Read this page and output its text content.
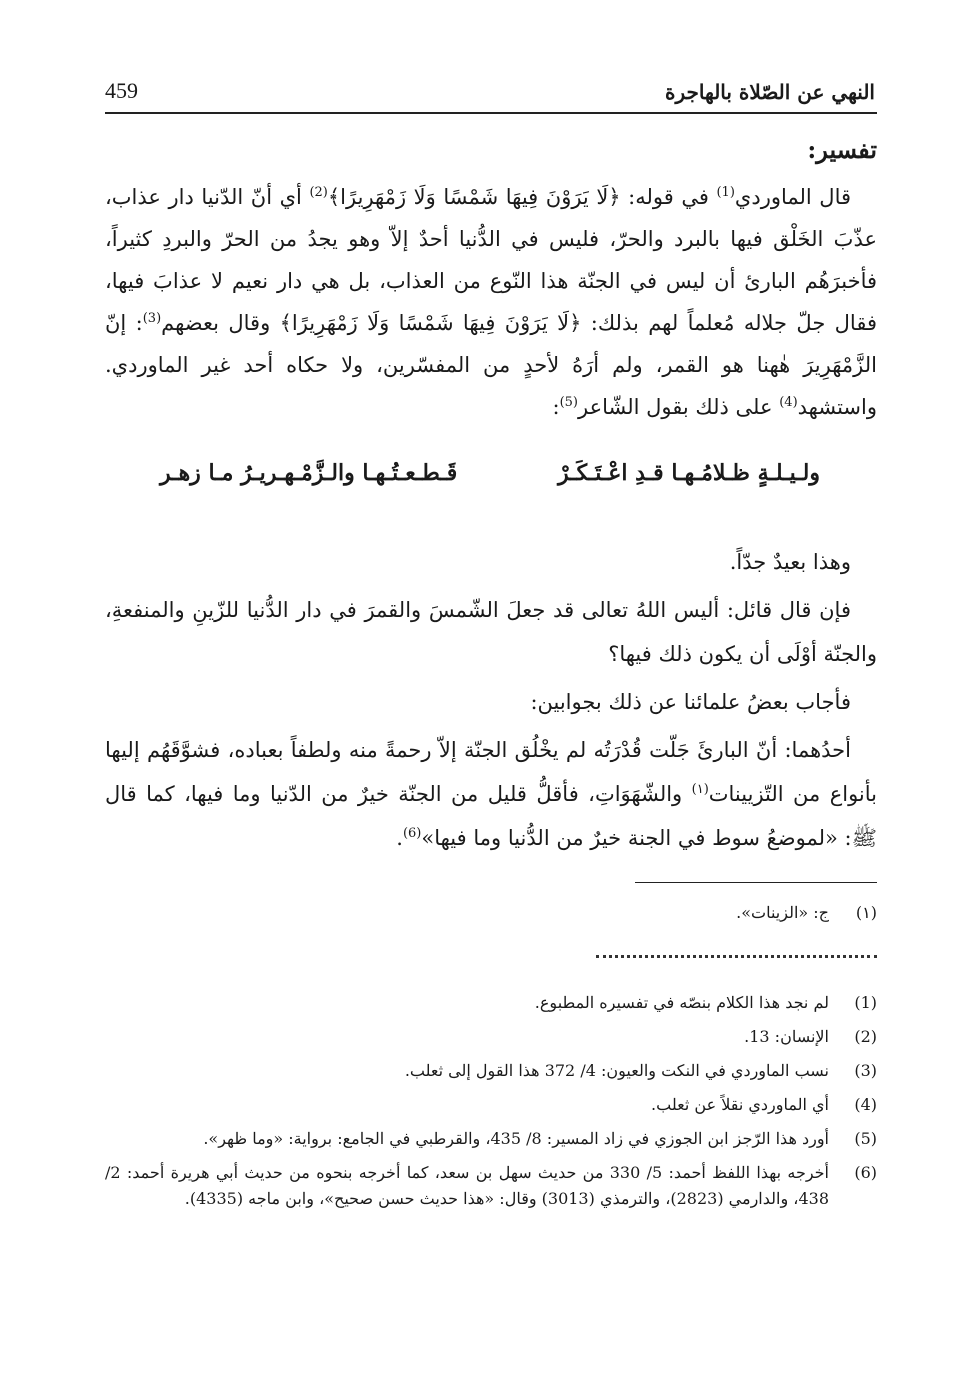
459	النهي عن الصّلاة بالهاجرة
تفسير:

قال الماوردي$^{(1)}$ في قوله: ﴿لَا يَرَوْنَ فِيهَا شَمْسًا وَلَا زَمْهَرِيرًا﴾$^{(2)}$ أي أنّ الدّنيا دار عذاب، عذّبَ الخَلْق فيها بالبرد والحرّ، فليس في الدُّنيا أحدٌ إلاّ وهو يجدُ من الحرّ والبردِ كثيراً، فأخبرَهُم البارئ أن ليس في الجنّة هذا النّوع من العذاب، بل هي دار نعيم لا عذابَ فيها، فقال جلّ جلاله مُعلماً لهم بذلك: ﴿لَا يَرَوْنَ فِيهَا شَمْسًا وَلَا زَمْهَرِيرًا﴾ وقال بعضهم$^{(3)}$: إنّ الزَّمْهَرِيرَ هٰهنا هو القمر، ولم أرَهُ لأحدٍ من المفسّرين، ولا حكاه أحد غير الماوردي. واستشهد$^{(4)}$ على ذلك بقول الشّاعر$^{(5)}$:

ولـيـلـةٍ ظـلامُـهـا قـدِ اعْـتَـكَـرْ
قَـطـعـتُـهـا والـزَّمْـهـريـرُ مـا زهـر

وهذا بعيدٌ جدّاً.

فإن قال قائل: أليس اللهُ تعالى قد جعلَ الشّمسَ والقمرَ في دار الدُّنيا للزّينِ والمنفعةِ، والجنّة أوْلَى أن يكون ذلك فيها؟

فأجاب بعضُ علمائنا عن ذلك بجوابين:

أحدُهما: أنّ البارئَ جَلّت قُدْرَتُه لم يخْلُق الجنّة إلاّ رحمةً منه ولطفاً بعباده، فشوَّقَهُم إليها بأنواع من التّزيينات$^{(١)}$ والشّهَوَاتِ، فأقلُّ قليل من الجنّة خيرٌ من الدّنيا وما فيها، كما قال ﷺ: «لموضعُ سوط في الجنة خيرٌ من الدُّنيا وما فيها»$^{(6)}$.

(١)
ج: «الزينات».
(1)
لم نجد هذا الكلام بنصّه في تفسيره المطبوع.
(2)
الإنسان: 13.
(3)
نسب الماوردي في النكت والعيون: 4/ 372 هذا القول إلى ثعلب.
(4)
أي الماوردي نقلاً عن ثعلب.
(5)
أورد هذا الرّجز ابن الجوزي في زاد المسير: 8/ 435، والقرطبي في الجامع: برواية: «وما ظهر».
(6)
أخرجه بهذا اللفظ أحمد: 5/ 330 من حديث سهل بن سعد، كما أخرجه بنحوه من حديث أبي هريرة أحمد: 2/ 438، والدارمي (2823)، والترمذي (3013) وقال: «هذا حديث حسن صحيح»، وابن ماجه (4335).
